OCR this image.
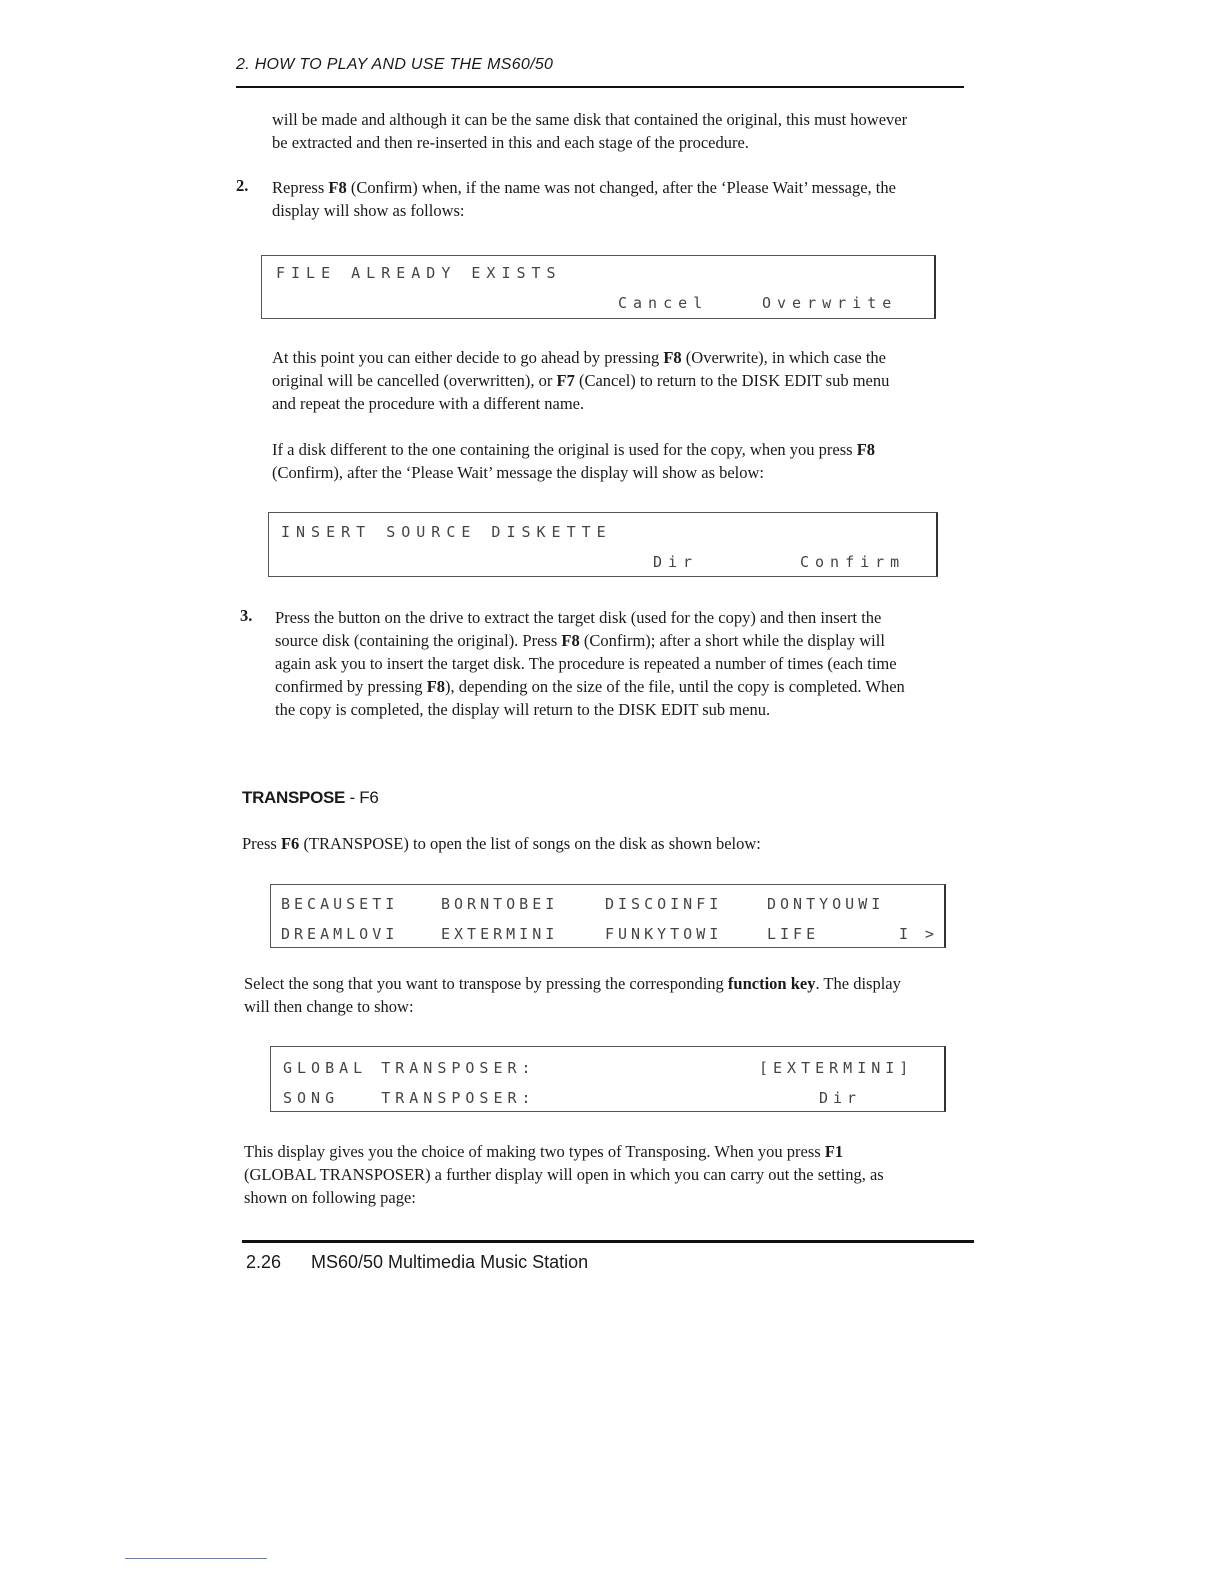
2. HOW TO PLAY AND USE THE MS60/50

will be made and although it can be the same disk that contained the original, this must however

be extracted and then re-inserted in this and each stage of the procedure.

2. Repress F8 (Confirm) when, if the name was not changed, after the ‘Please Wait’ message, the

display will show as follows:

FILE ALREADY EXISTS
Cancel	Overwrite

At this point you can either decide to go ahead by pressing F8 (Overwrite), in which case the

original will be cancelled (overwritten), or F7 (Cancel) to return to the DISK EDIT sub menu

and repeat the procedure with a different name.

If a disk different to the one containing the original is used for the copy, when you press F8

(Confirm), after the ‘Please Wait’ message the display will show as below:

INSERT SOURCE DISKETTE
Dir	Confirm
3. Press the button on the drive to extract the target disk (used for the copy) and then insert the

source disk (containing the original). Press F8 (Confirm); after a short while the display will

again ask you to insert the target disk. The procedure is repeated a number of times (each time

confirmed by pressing F8), depending on the size of the file, until the copy is completed. When

the copy is completed, the display will return to the DISK EDIT sub menu.

TRANSPOSE - F6

Press F6 (TRANSPOSE) to open the list of songs on the disk as shown below:

BECAUSETI	BORNTOBEI	DISCOINFI	DONTYOUWI
DREAMLOVI	EXTERMINI	FUNKYTOWI	LIFE	I >

Select the song that you want to transpose by pressing the corresponding function key. The display

will then change to show:

GLOBAL TRANSPOSER:	[EXTERMINI]
SONG   TRANSPOSER:	Dir

This display gives you the choice of making two types of Transposing. When you press F1

(GLOBAL TRANSPOSER) a further display will open in which you can carry out the setting, as

shown on following page:

2.26 MS60/50 Multimedia Music Station
